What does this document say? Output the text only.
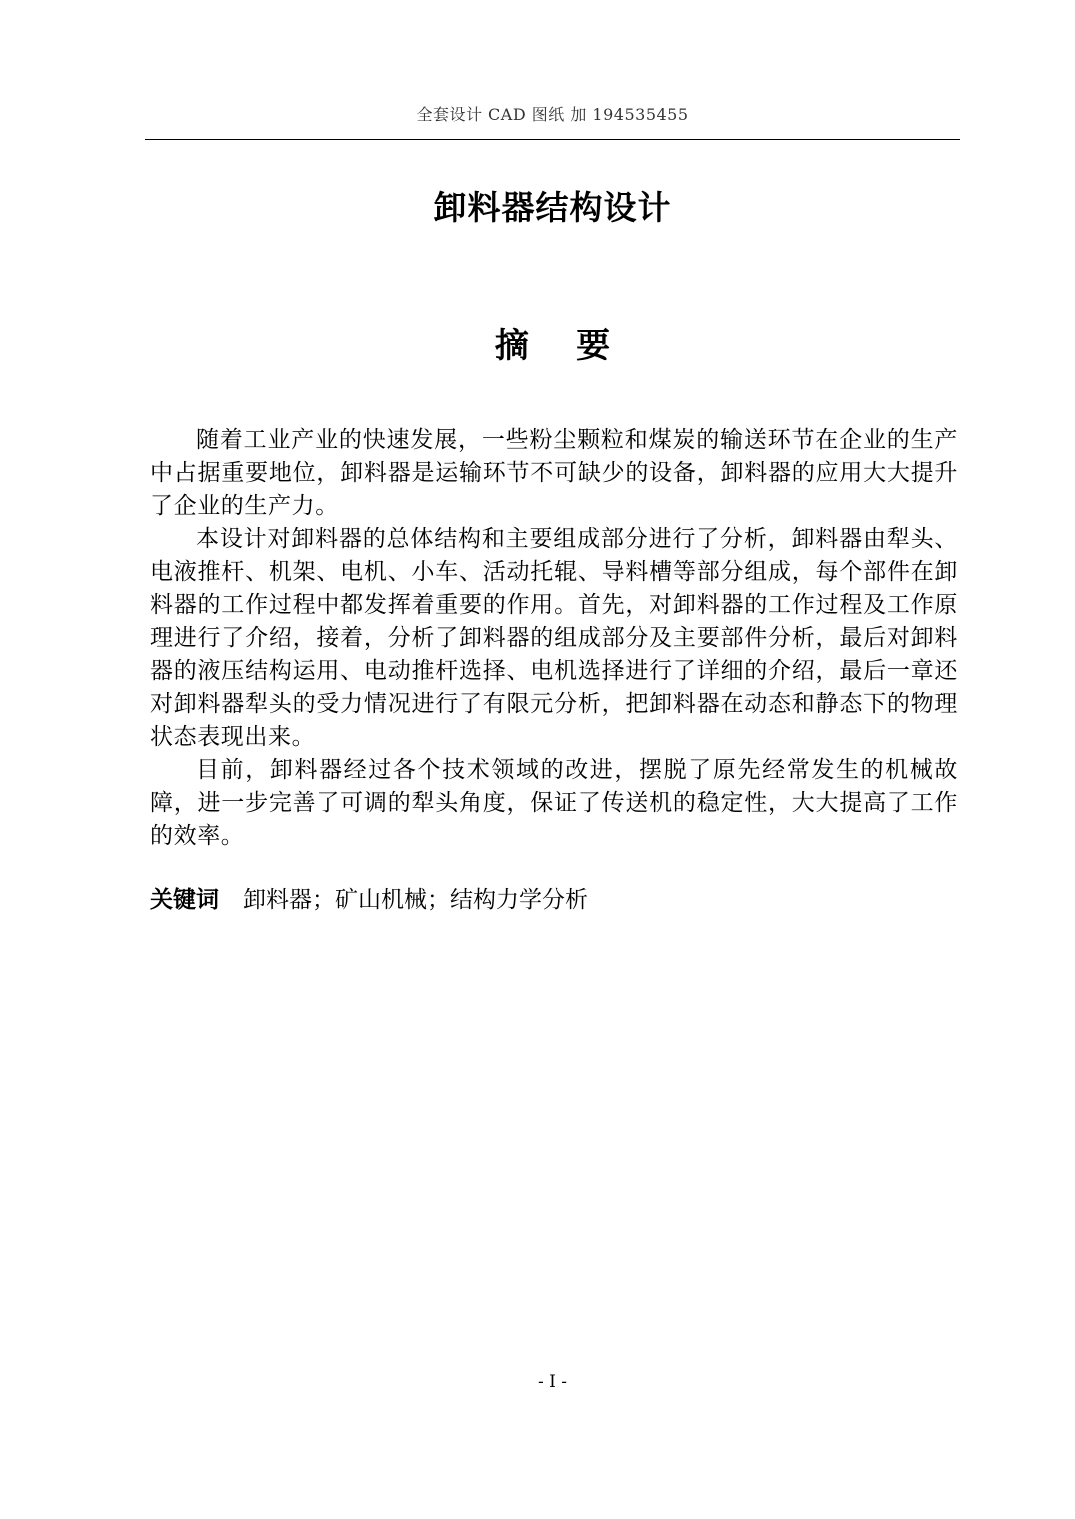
全套设计 CAD 图纸 加 194535455
卸料器结构设计
摘    要

随着工业产业的快速发展，一些粉尘颗粒和煤炭的输送环节在企业的生产中占据重要地位，卸料器是运输环节不可缺少的设备，卸料器的应用大大提升了企业的生产力。

本设计对卸料器的总体结构和主要组成部分进行了分析，卸料器由犁头、电液推杆、机架、电机、小车、活动托辊、导料槽等部分组成，每个部件在卸料器的工作过程中都发挥着重要的作用。首先，对卸料器的工作过程及工作原理进行了介绍，接着，分析了卸料器的组成部分及主要部件分析，最后对卸料器的液压结构运用、电动推杆选择、电机选择进行了详细的介绍，最后一章还对卸料器犁头的受力情况进行了有限元分析，把卸料器在动态和静态下的物理状态表现出来。

目前，卸料器经过各个技术领域的改进，摆脱了原先经常发生的机械故障，进一步完善了可调的犁头角度，保证了传送机的稳定性，大大提高了工作的效率。

关键词 卸料器；矿山机械；结构力学分析
- I -
